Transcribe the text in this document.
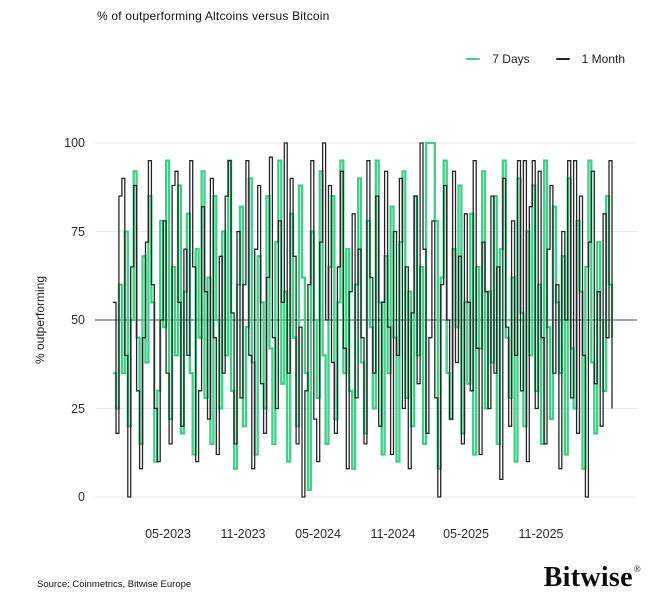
% of outperforming Altcoins versus Bitcoin
7 Days	1 Month
% outperforming
100
75
50
25
0
05-2023 11-2023 05-2024 11-2024 05-2025 11-2025
Source: Coinmetrics, Bitwise Europe	Bitwise®
